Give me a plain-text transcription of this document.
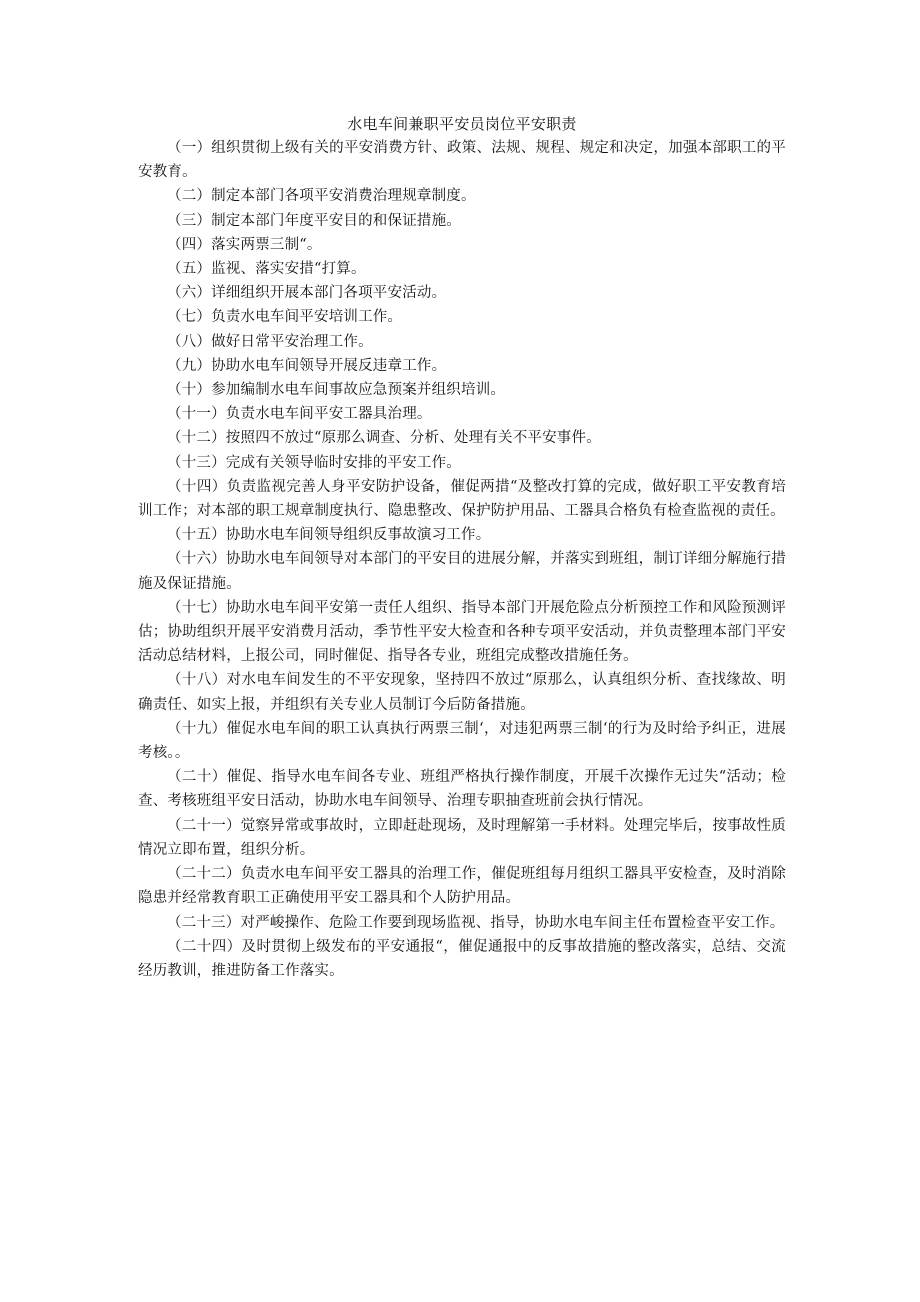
水电车间兼职平安员岗位平安职责

（一）组织贯彻上级有关的平安消费方针、政策、法规、规程、规定和决定，加强本部职工的平安教育。

（二）制定本部门各项平安消费治理规章制度。

（三）制定本部门年度平安目的和保证措施。

（四）落实两票三制“。

（五）监视、落实安措“打算。

（六）详细组织开展本部门各项平安活动。

（七）负责水电车间平安培训工作。

（八）做好日常平安治理工作。

（九）协助水电车间领导开展反违章工作。

（十）参加编制水电车间事故应急预案并组织培训。

（十一）负责水电车间平安工器具治理。

（十二）按照四不放过“原那么调查、分析、处理有关不平安事件。

（十三）完成有关领导临时安排的平安工作。

（十四）负责监视完善人身平安防护设备，催促两措“及整改打算的完成，做好职工平安教育培训工作；对本部的职工规章制度执行、隐患整改、保护防护用品、工器具合格负有检查监视的责任。

（十五）协助水电车间领导组织反事故演习工作。

（十六）协助水电车间领导对本部门的平安目的进展分解，并落实到班组，制订详细分解施行措施及保证措施。

（十七）协助水电车间平安第一责任人组织、指导本部门开展危险点分析预控工作和风险预测评估；协助组织开展平安消费月活动，季节性平安大检查和各种专项平安活动，并负责整理本部门平安活动总结材料，上报公司，同时催促、指导各专业，班组完成整改措施任务。

（十八）对水电车间发生的不平安现象，坚持四不放过“原那么，认真组织分析、查找缘故、明确责任、如实上报，并组织有关专业人员制订今后防备措施。

（十九）催促水电车间的职工认真执行两票三制‘，对违犯两票三制‘的行为及时给予纠正，进展考核。。

（二十）催促、指导水电车间各专业、班组严格执行操作制度，开展千次操作无过失“活动；检查、考核班组平安日活动，协助水电车间领导、治理专职抽查班前会执行情况。

（二十一）觉察异常或事故时，立即赶赴现场，及时理解第一手材料。处理完毕后，按事故性质情况立即布置，组织分析。

（二十二）负责水电车间平安工器具的治理工作，催促班组每月组织工器具平安检查，及时消除隐患并经常教育职工正确使用平安工器具和个人防护用品。

（二十三）对严峻操作、危险工作要到现场监视、指导，协助水电车间主任布置检查平安工作。

（二十四）及时贯彻上级发布的平安通报“，催促通报中的反事故措施的整改落实，总结、交流经历教训，推进防备工作落实。
